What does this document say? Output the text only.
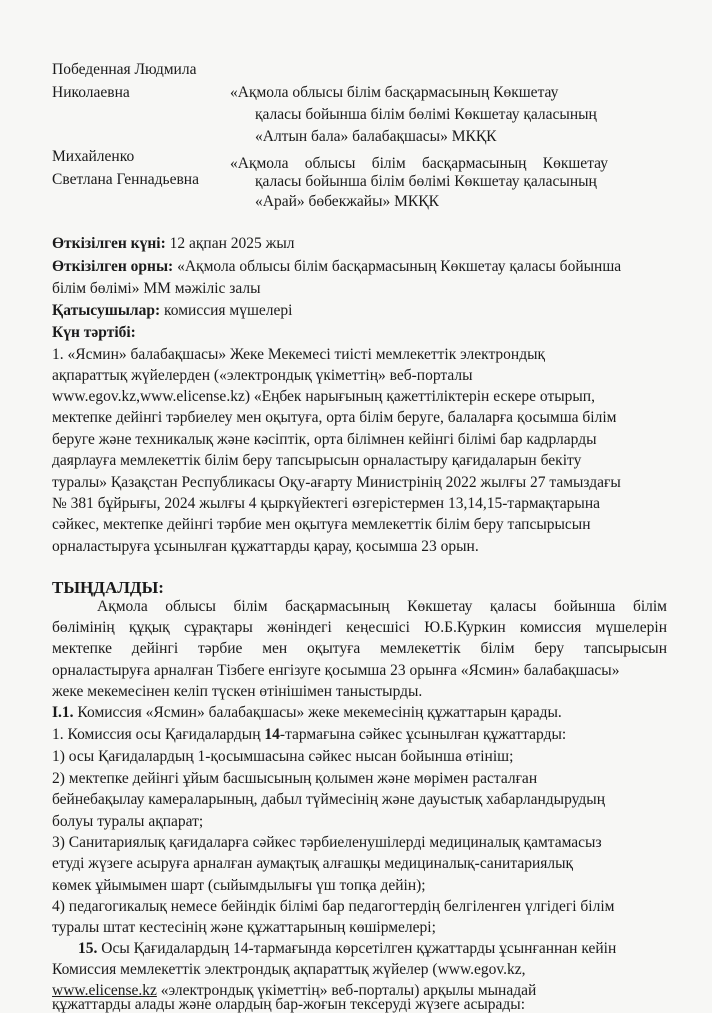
Победенная Людмила
Николаевна	«Ақмола облысы білім басқармасының Көкшетау
қаласы бойынша білім бөлімі Көкшетау қаласының
«Алтын бала» балабақшасы» МКҚК
Михайленко
Светлана Геннадьевна
«Ақмола облысы білім басқармасының Көкшетау
қаласы бойынша білім бөлімі Көкшетау қаласының
«Арай» бөбекжайы» МКҚК
Өткізілген күні: 12 ақпан 2025 жыл
Өткізілген орны: «Ақмола облысы білім басқармасының Көкшетау қаласы бойынша
білім бөлімі» ММ мәжіліс залы
Қатысушылар: комиссия мүшелері
Күн тәртібі:
1. «Ясмин» балабақшасы» Жеке Мекемесі тиісті мемлекеттік электрондық
ақпараттық жүйелерден («электрондық үкіметтің» веб-порталы
www.egov.kz,www.elicense.kz) «Еңбек нарығының қажеттіліктерін ескере отырып,
мектепке дейінгі тәрбиелеу мен оқытуға, орта білім беруге, балаларға қосымша білім
беруге және техникалық және кәсіптік, орта білімнен кейінгі білімі бар кадрларды
даярлауға мемлекеттік білім беру тапсырысын орналастыру қағидаларын бекіту
туралы» Қазақстан Республикасы Оқу-ағарту Министрінің 2022 жылғы 27 тамыздағы
№ 381 бұйрығы, 2024 жылғы 4 қыркүйектегі өзгерістермен 13,14,15-тармақтарына
сәйкес, мектепке дейінгі тәрбие мен оқытуға мемлекеттік білім беру тапсырысын
орналастыруға ұсынылған құжаттарды қарау, қосымша 23 орын.
ТЫҢДАЛДЫ:
Ақмола облысы білім басқармасының Көкшетау қаласы бойынша білім
бөлімінің құқық сұрақтары жөніндегі кеңесшісі Ю.Б.Куркин комиссия мүшелерін
мектепке дейінгі тәрбие мен оқытуға мемлекеттік білім беру тапсырысын
орналастыруға арналған Тізбеге енгізуге қосымша 23 орынға «Ясмин» балабақшасы»
жеке мекемесінен келіп түскен өтінішімен таныстырды.
І.1. Комиссия «Ясмин» балабақшасы» жеке мекемесінің құжаттарын қарады.
1. Комиссия осы Қағидалардың 14-тармағына сәйкес ұсынылған құжаттарды:
1) осы Қағидалардың 1-қосымшасына сәйкес нысан бойынша өтініш;
2) мектепке дейінгі ұйым басшысының қолымен және мөрімен расталған
бейнебақылау камераларының, дабыл түймесінің және дауыстық хабарландырудың
болуы туралы ақпарат;
3) Санитариялық қағидаларға сәйкес тәрбиеленушілерді медициналық қамтамасыз
етуді жүзеге асыруға арналған аумақтық алғашқы медициналық-санитариялық
көмек ұйымымен шарт (сыйымдылығы үш топқа дейін);
4) педагогикалық немесе бейіндік білімі бар педагогтердің белгіленген үлгідегі білім
туралы штат кестесінің және құжаттарының көшірмелері;
15. Осы Қағидалардың 14-тармағында көрсетілген құжаттарды ұсынғаннан кейін
Комиссия мемлекеттік электрондық ақпараттық жүйелер (www.egov.kz,
www.elicense.kz «электрондық үкіметтің» веб-порталы) арқылы мынадай
құжаттарды алады және олардың бар-жоғын тексеруді жүзеге асырады:
